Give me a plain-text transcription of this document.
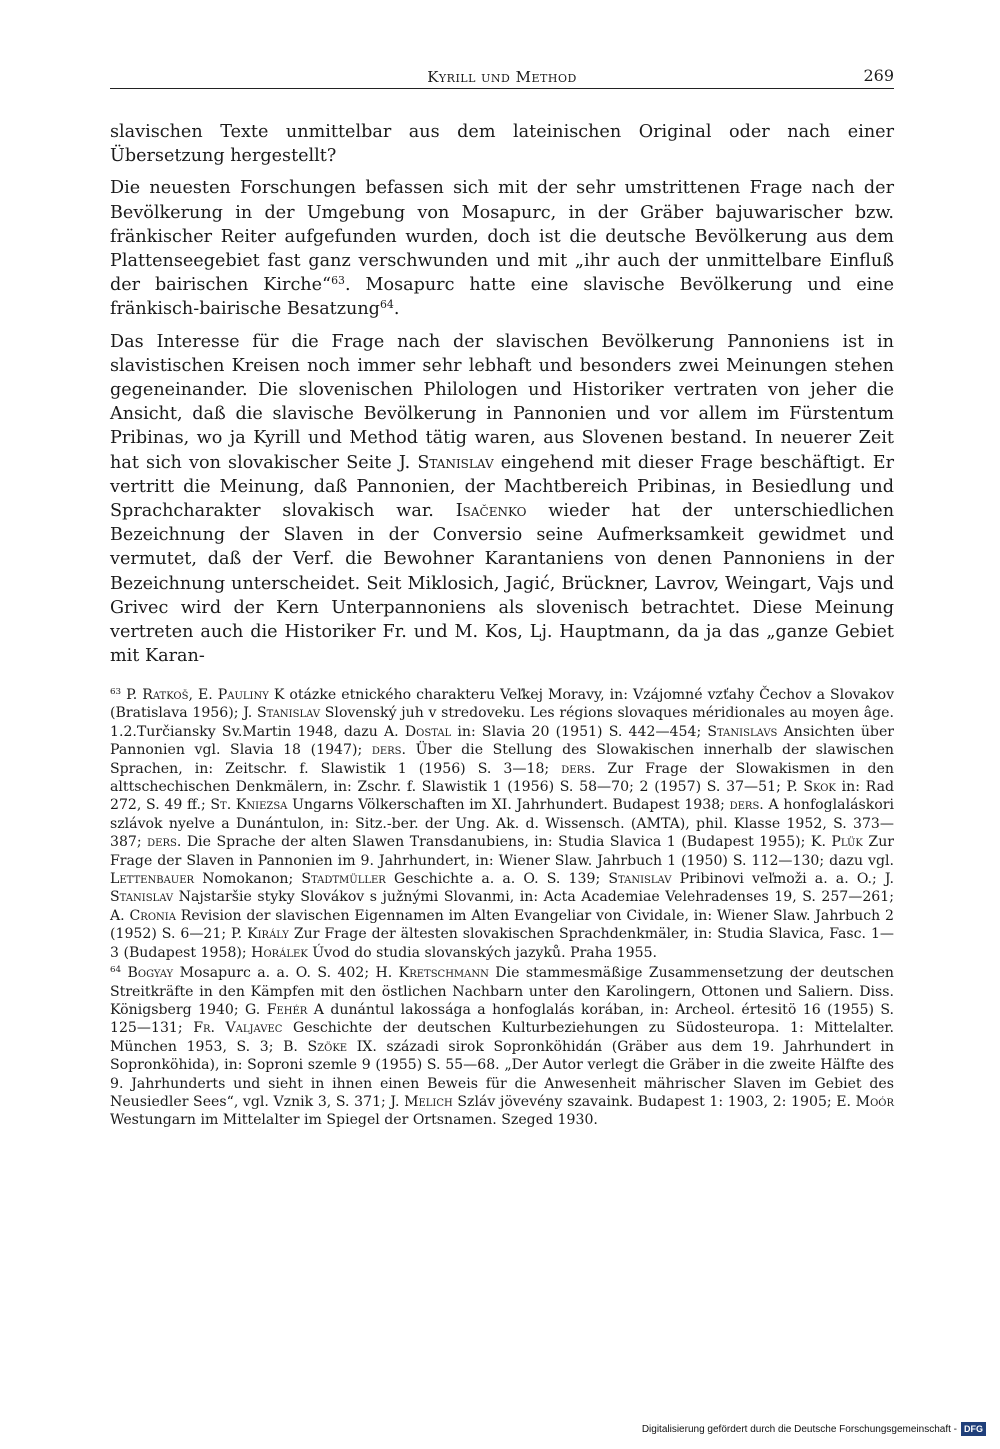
Kyrill und Method	269

slavischen Texte unmittelbar aus dem lateinischen Original oder nach einer Übersetzung hergestellt?

Die neuesten Forschungen befassen sich mit der sehr umstrittenen Frage nach der Bevölkerung in der Umgebung von Mosapurc, in der Gräber bajuwarischer bzw. fränkischer Reiter aufgefunden wurden, doch ist die deutsche Bevölkerung aus dem Plattenseegebiet fast ganz verschwunden und mit „ihr auch der unmittelbare Einfluß der bairischen Kirche“$^{63}$. Mosapurc hatte eine slavische Bevölkerung und eine fränkisch-bairische Besatzung$^{64}$.

Das Interesse für die Frage nach der slavischen Bevölkerung Pannoniens ist in slavistischen Kreisen noch immer sehr lebhaft und besonders zwei Meinungen stehen gegeneinander. Die slovenischen Philologen und Historiker vertraten von jeher die Ansicht, daß die slavische Bevölkerung in Pannonien und vor allem im Fürstentum Pribinas, wo ja Kyrill und Method tätig waren, aus Slovenen bestand. In neuerer Zeit hat sich von slovakischer Seite J. Stanislav eingehend mit dieser Frage beschäftigt. Er vertritt die Meinung, daß Pannonien, der Machtbereich Pribinas, in Besiedlung und Sprachcharakter slovakisch war. Isačenko wieder hat der unterschiedlichen Bezeichnung der Slaven in der Conversio seine Aufmerksamkeit gewidmet und vermutet, daß der Verf. die Bewohner Karantaniens von denen Pannoniens in der Bezeichnung unterscheidet. Seit Miklosich, Jagić, Brückner, Lavrov, Weingart, Vajs und Grivec wird der Kern Unterpannoniens als slovenisch betrachtet. Diese Meinung vertreten auch die Historiker Fr. und M. Kos, Lj. Hauptmann, da ja das „ganze Gebiet mit Karan-

$^{63}$ P. Ratkoš, E. Pauliny K otázke etnického charakteru Veľkej Moravy, in: Vzájomné vzťahy Čechov a Slovakov (Bratislava 1956); J. Stanislav Slovenský juh v stredoveku. Les régions slovaques méridionales au moyen âge. 1.2.Turčiansky Sv.Martin 1948, dazu A. Dostal in: Slavia 20 (1951) S. 442—454; Stanislavs Ansichten über Pannonien vgl. Slavia 18 (1947); ders. Über die Stellung des Slowakischen innerhalb der slawischen Sprachen, in: Zeitschr. f. Slawistik 1 (1956) S. 3—18; ders. Zur Frage der Slowakismen in den alttschechischen Denkmälern, in: Zschr. f. Slawistik 1 (1956) S. 58—70; 2 (1957) S. 37—51; P. Skok in: Rad 272, S. 49 ff.; St. Kniezsa Ungarns Völkerschaften im XI. Jahrhundert. Budapest 1938; ders. A honfoglaláskori szlávok nyelve a Dunántulon, in: Sitz.-ber. der Ung. Ak. d. Wissensch. (AMTA), phil. Klasse 1952, S. 373—387; ders. Die Sprache der alten Slawen Transdanubiens, in: Studia Slavica 1 (Budapest 1955); K. Plük Zur Frage der Slaven in Pannonien im 9. Jahrhundert, in: Wiener Slaw. Jahrbuch 1 (1950) S. 112—130; dazu vgl. Lettenbauer Nomokanon; Stadtmüller Geschichte a. a. O. S. 139; Stanislav Pribinovi veľmoži a. a. O.; J. Stanislav Najstaršie styky Slovákov s južnými Slovanmi, in: Acta Academiae Velehradenses 19, S. 257—261; A. Cronia Revision der slavischen Eigennamen im Alten Evangeliar von Cividale, in: Wiener Slaw. Jahrbuch 2 (1952) S. 6—21; P. Király Zur Frage der ältesten slovakischen Sprachdenkmäler, in: Studia Slavica, Fasc. 1—3 (Budapest 1958); Horálek Úvod do studia slovanských jazyků. Praha 1955.

$^{64}$ Bogyay Mosapurc a. a. O. S. 402; H. Kretschmann Die stammesmäßige Zusammensetzung der deutschen Streitkräfte in den Kämpfen mit den östlichen Nachbarn unter den Karolingern, Ottonen und Saliern. Diss. Königsberg 1940; G. Fehér A dunántul lakossága a honfoglalás korában, in: Archeol. értesitö 16 (1955) S. 125—131; Fr. Valjavec Geschichte der deutschen Kulturbeziehungen zu Südosteuropa. 1: Mittelalter. München 1953, S. 3; B. Szöke IX. századi sirok Sopronköhidán (Gräber aus dem 19. Jahrhundert in Sopronköhida), in: Soproni szemle 9 (1955) S. 55—68. „Der Autor verlegt die Gräber in die zweite Hälfte des 9. Jahrhunderts und sieht in ihnen einen Beweis für die Anwesenheit mährischer Slaven im Gebiet des Neusiedler Sees“, vgl. Vznik 3, S. 371; J. Melich Szláv jövevény szavaink. Budapest 1: 1903, 2: 1905; E. Moór Westungarn im Mittelalter im Spiegel der Ortsnamen. Szeged 1930.

Digitalisierung gefördert durch die Deutsche Forschungsgemeinschaft - DFG
